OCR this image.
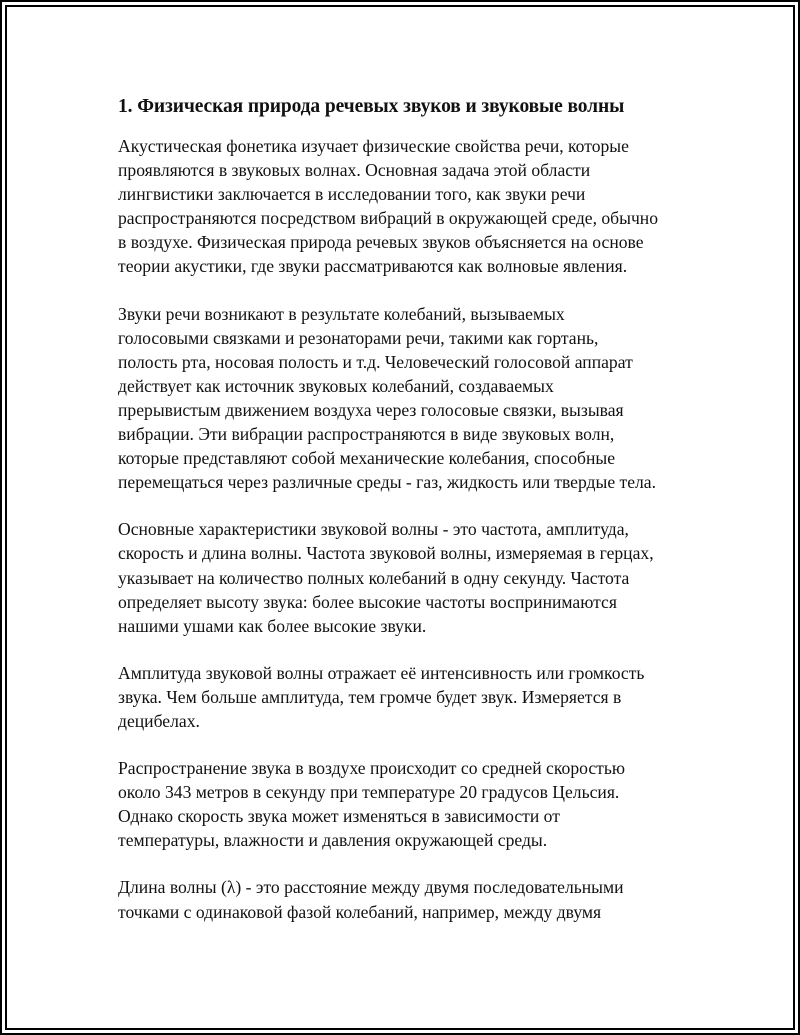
1. Физическая природа речевых звуков и звуковые волны

Акустическая фонетика изучает физические свойства речи, которые
проявляются в звуковых волнах. Основная задача этой области
лингвистики заключается в исследовании того, как звуки речи
распространяются посредством вибраций в окружающей среде, обычно
в воздухе. Физическая природа речевых звуков объясняется на основе
теории акустики, где звуки рассматриваются как волновые явления.

Звуки речи возникают в результате колебаний, вызываемых
голосовыми связками и резонаторами речи, такими как гортань,
полость рта, носовая полость и т.д. Человеческий голосовой аппарат
действует как источник звуковых колебаний, создаваемых
прерывистым движением воздуха через голосовые связки, вызывая
вибрации. Эти вибрации распространяются в виде звуковых волн,
которые представляют собой механические колебания, способные
перемещаться через различные среды - газ, жидкость или твердые тела.

Основные характеристики звуковой волны - это частота, амплитуда,
скорость и длина волны. Частота звуковой волны, измеряемая в герцах,
указывает на количество полных колебаний в одну секунду. Частота
определяет высоту звука: более высокие частоты воспринимаются
нашими ушами как более высокие звуки.

Амплитуда звуковой волны отражает её интенсивность или громкость
звука. Чем больше амплитуда, тем громче будет звук. Измеряется в
децибелах.

Распространение звука в воздухе происходит со средней скоростью
около 343 метров в секунду при температуре 20 градусов Цельсия.
Однако скорость звука может изменяться в зависимости от
температуры, влажности и давления окружающей среды.

Длина волны (λ) - это расстояние между двумя последовательными
точками с одинаковой фазой колебаний, например, между двумя
